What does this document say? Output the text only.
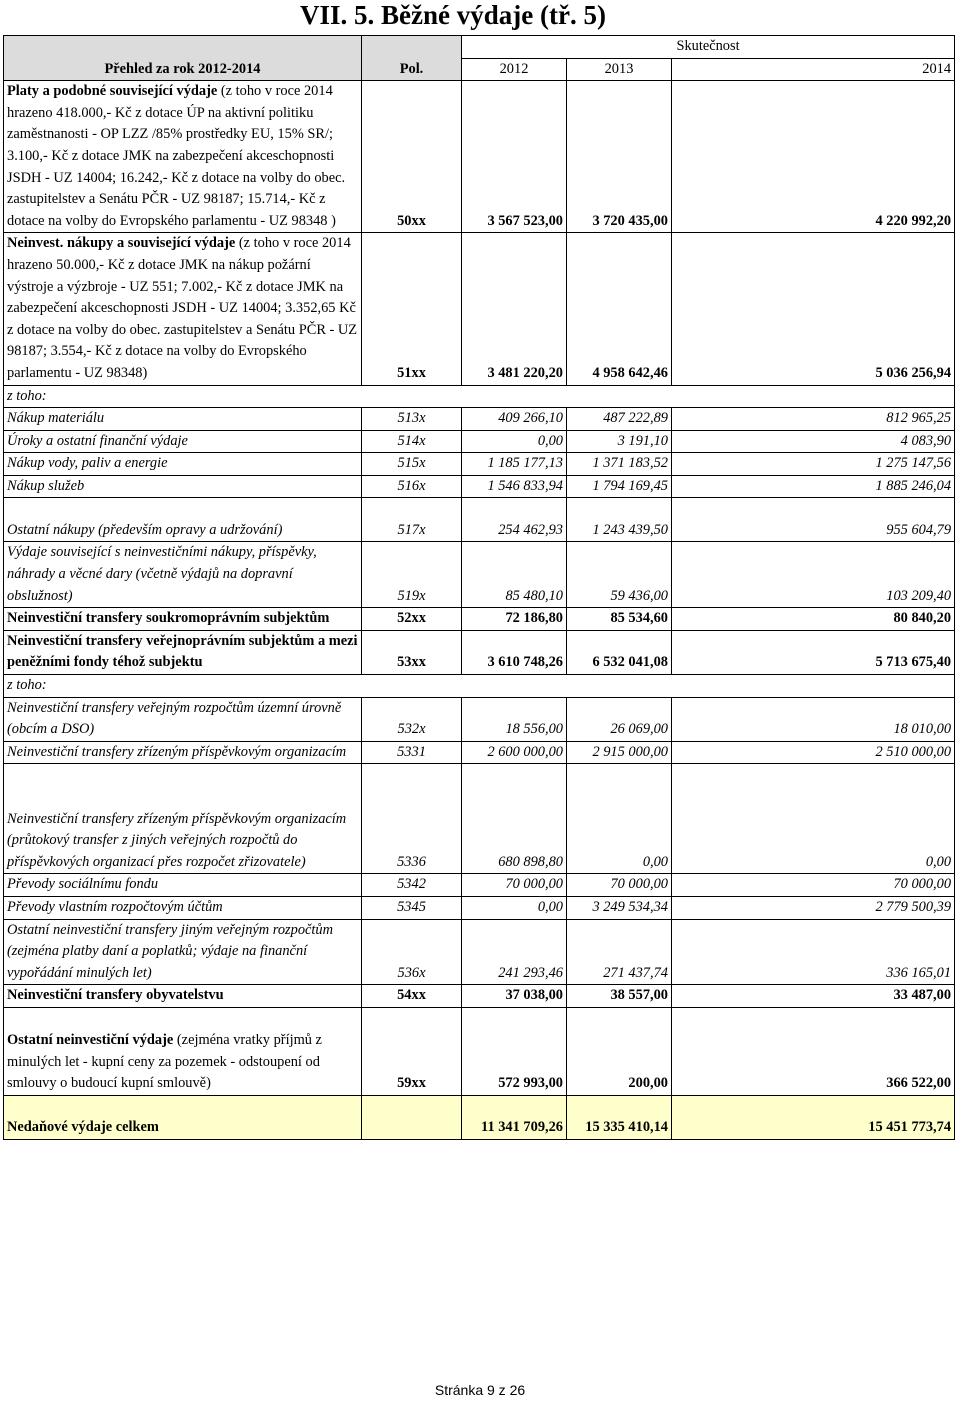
VII. 5. Běžné výdaje (tř. 5)
Přehled za rok 2012-2014	Pol.	Skutečnost		
		2012	2013	2014
Platy a podobné související výdaje (z toho v roce 2014 hrazeno 418.000,- Kč z dotace ÚP na aktivní politiku zaměstnanosti - OP LZZ /85% prostředky EU, 15% SR/; 3.100,- Kč z dotace JMK na zabezpečení akceschopnosti JSDH - UZ 14004; 16.242,- Kč z dotace na volby do obec. zastupitelstev a Senátu PČR - UZ 98187; 15.714,- Kč z dotace na volby do Evropského parlamentu - UZ 98348 )	50xx	3 567 523,00	3 720 435,00	4 220 992,20
Neinvest. nákupy a související výdaje (z toho v roce 2014 hrazeno 50.000,- Kč z dotace JMK na nákup požární výstroje a výzbroje - UZ 551; 7.002,- Kč z dotace JMK na zabezpečení akceschopnosti JSDH - UZ 14004; 3.352,65 Kč z dotace na volby do obec. zastupitelstev a Senátu PČR - UZ 98187; 3.554,- Kč z dotace na volby do Evropského parlamentu - UZ 98348)	51xx	3 481 220,20	4 958 642,46	5 036 256,94
z toho:				
Nákup materiálu	513x	409 266,10	487 222,89	812 965,25
Úroky a ostatní finanční výdaje	514x	0,00	3 191,10	4 083,90
Nákup vody, paliv a energie	515x	1 185 177,13	1 371 183,52	1 275 147,56
Nákup služeb	516x	1 546 833,94	1 794 169,45	1 885 246,04
Ostatní nákupy (především opravy a udržování)	517x	254 462,93	1 243 439,50	955 604,79
Výdaje související s neinvestičními nákupy, příspěvky, náhrady a věcné dary (včetně výdajů na dopravní obslužnost)	519x	85 480,10	59 436,00	103 209,40
Neinvestiční transfery soukromoprávním subjektům	52xx	72 186,80	85 534,60	80 840,20
Neinvestiční transfery veřejnoprávním subjektům a mezi peněžními fondy téhož subjektu	53xx	3 610 748,26	6 532 041,08	5 713 675,40
z toho:				
Neinvestiční transfery veřejným rozpočtům územní úrovně (obcím a DSO)	532x	18 556,00	26 069,00	18 010,00
Neinvestiční transfery zřízeným příspěvkovým organizacím	5331	2 600 000,00	2 915 000,00	2 510 000,00
Neinvestiční transfery zřízeným příspěvkovým organizacím (průtokový transfer z jiných veřejných rozpočtů do příspěvkových organizací přes rozpočet zřizovatele)	5336	680 898,80	0,00	0,00
Převody sociálnímu fondu	5342	70 000,00	70 000,00	70 000,00
Převody vlastním rozpočtovým účtům	5345	0,00	3 249 534,34	2 779 500,39
Ostatní neinvestiční transfery jiným veřejným rozpočtům (zejména platby daní a poplatků; výdaje na finanční vypořádání minulých let)	536x	241 293,46	271 437,74	336 165,01
Neinvestiční transfery obyvatelstvu	54xx	37 038,00	38 557,00	33 487,00
Ostatní neinvestiční výdaje (zejména vratky příjmů z minulých let - kupní ceny za pozemek - odstoupení od smlouvy o budoucí kupní smlouvě)	59xx	572 993,00	200,00	366 522,00
Nedaňové výdaje celkem		11 341 709,26	15 335 410,14	15 451 773,74
Stránka 9 z 26
